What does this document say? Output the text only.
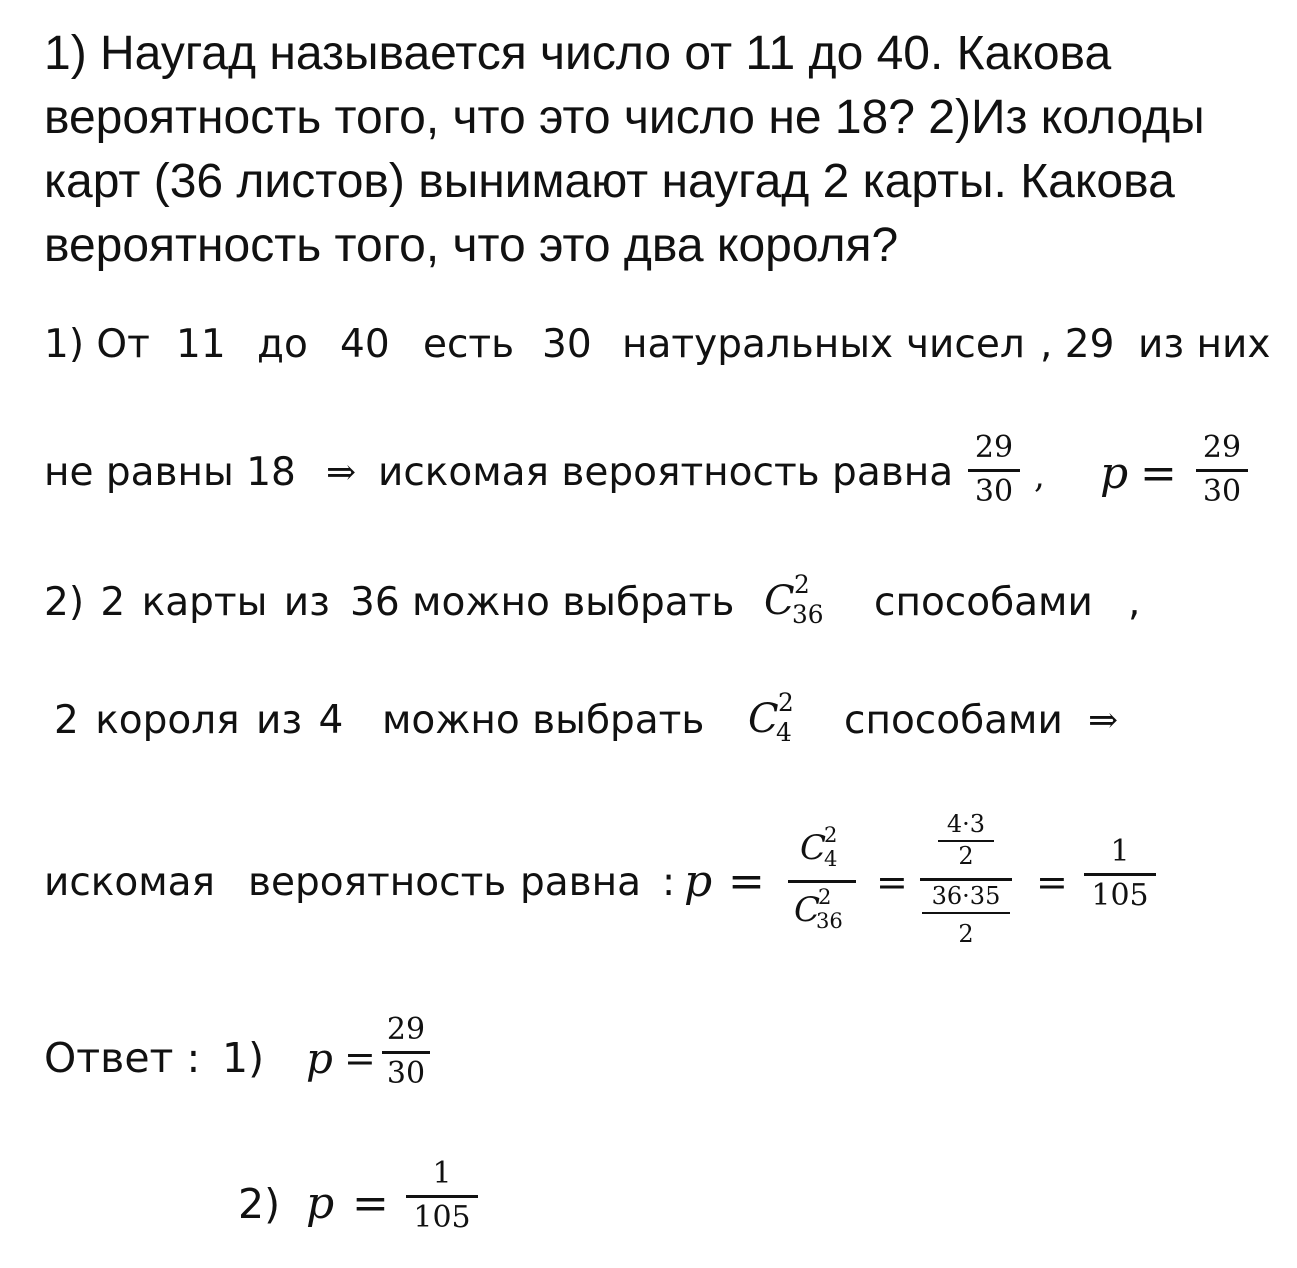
1) Наугад называется число от 11 до 40. Какова
вероятность того, что это число не 18? 2)Из колоды
карт (36 листов) вынимают наугад 2 карты. Какова
вероятность того, что это два короля?
1) От 11 до 40 есть 30 натуральных чисел , 29 из них
не равны 18 ⇒ искомая вероятность равна $\frac{29}{30}$ , $p = \frac{29}{30}$
2) 2 карты из 36 можно выбрать C 2
36 способами ,
2 короля из 4 можно выбрать C 2
4 способами ⇒
искомая вероятность равна : p =
C
2
4
C
2
36
=
$\frac{4\cdot 3}{2}$
$\frac{36\cdot 35}{2} = \frac{1}{105}$
Ответ : 1) $p = \frac{29}{30}$
2) $p = \frac{1}{105}$
